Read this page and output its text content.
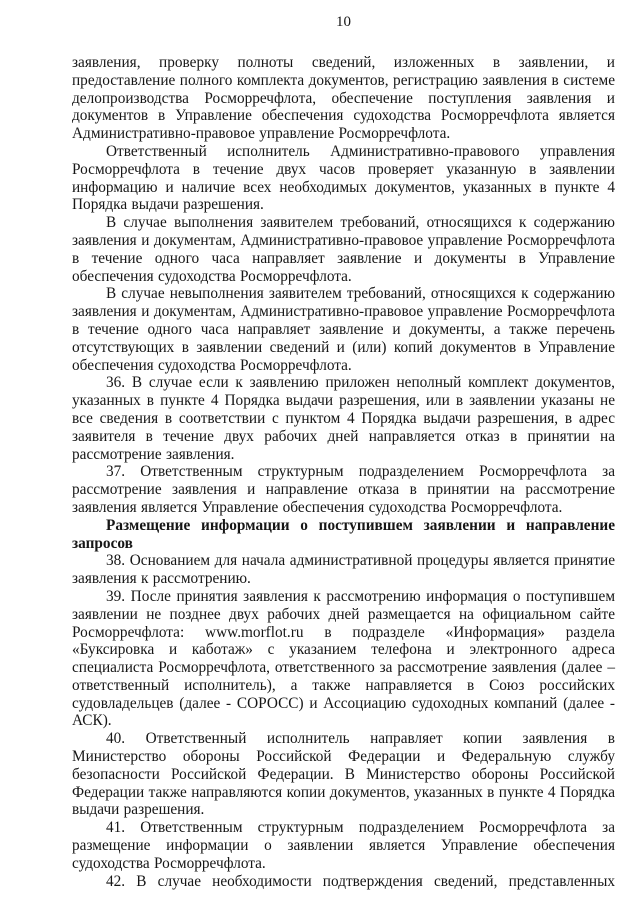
10

заявления, проверку полноты сведений, изложенных в заявлении, и предоставление полного комплекта документов, регистрацию заявления в системе делопроизводства Росморречфлота, обеспечение поступления заявления и документов в Управление обеспечения судоходства Росморречфлота является Административно-правовое управление Росморречфлота.

Ответственный исполнитель Административно-правового управления Росморречфлота в течение двух часов проверяет указанную в заявлении информацию и наличие всех необходимых документов, указанных в пункте 4 Порядка выдачи разрешения.

В случае выполнения заявителем требований, относящихся к содержанию заявления и документам, Административно-правовое управление Росморречфлота в течение одного часа направляет заявление и документы в Управление обеспечения судоходства Росморречфлота.

В случае невыполнения заявителем требований, относящихся к содержанию заявления и документам, Административно-правовое управление Росморречфлота в течение одного часа направляет заявление и документы, а также перечень отсутствующих в заявлении сведений и (или) копий документов в Управление обеспечения судоходства Росморречфлота.

36. В случае если к заявлению приложен неполный комплект документов, указанных в пункте 4 Порядка выдачи разрешения, или в заявлении указаны не все сведения в соответствии с пунктом 4 Порядка выдачи разрешения, в адрес заявителя в течение двух рабочих дней направляется отказ в принятии на рассмотрение заявления.

37. Ответственным структурным подразделением Росморречфлота за рассмотрение заявления и направление отказа в принятии на рассмотрение заявления является Управление обеспечения судоходства Росморречфлота.

Размещение информации о поступившем заявлении и направление запросов

38. Основанием для начала административной процедуры является принятие заявления к рассмотрению.

39. После принятия заявления к рассмотрению информация о поступившем заявлении не позднее двух рабочих дней размещается на официальном сайте Росморречфлота: www.morflot.ru в подразделе «Информация» раздела «Буксировка и каботаж» с указанием телефона и электронного адреса специалиста Росморречфлота, ответственного за рассмотрение заявления (далее – ответственный исполнитель), а также направляется в Союз российских судовладельцев (далее - СОРОСС) и Ассоциацию судоходных компаний (далее - АСК).

40. Ответственный исполнитель направляет копии заявления в Министерство обороны Российской Федерации и Федеральную службу безопасности Российской Федерации. В Министерство обороны Российской Федерации также направляются копии документов, указанных в пункте 4 Порядка выдачи разрешения.

41. Ответственным структурным подразделением Росморречфлота за размещение информации о заявлении является Управление обеспечения судоходства Росморречфлота.

42. В случае необходимости подтверждения сведений, представленных
